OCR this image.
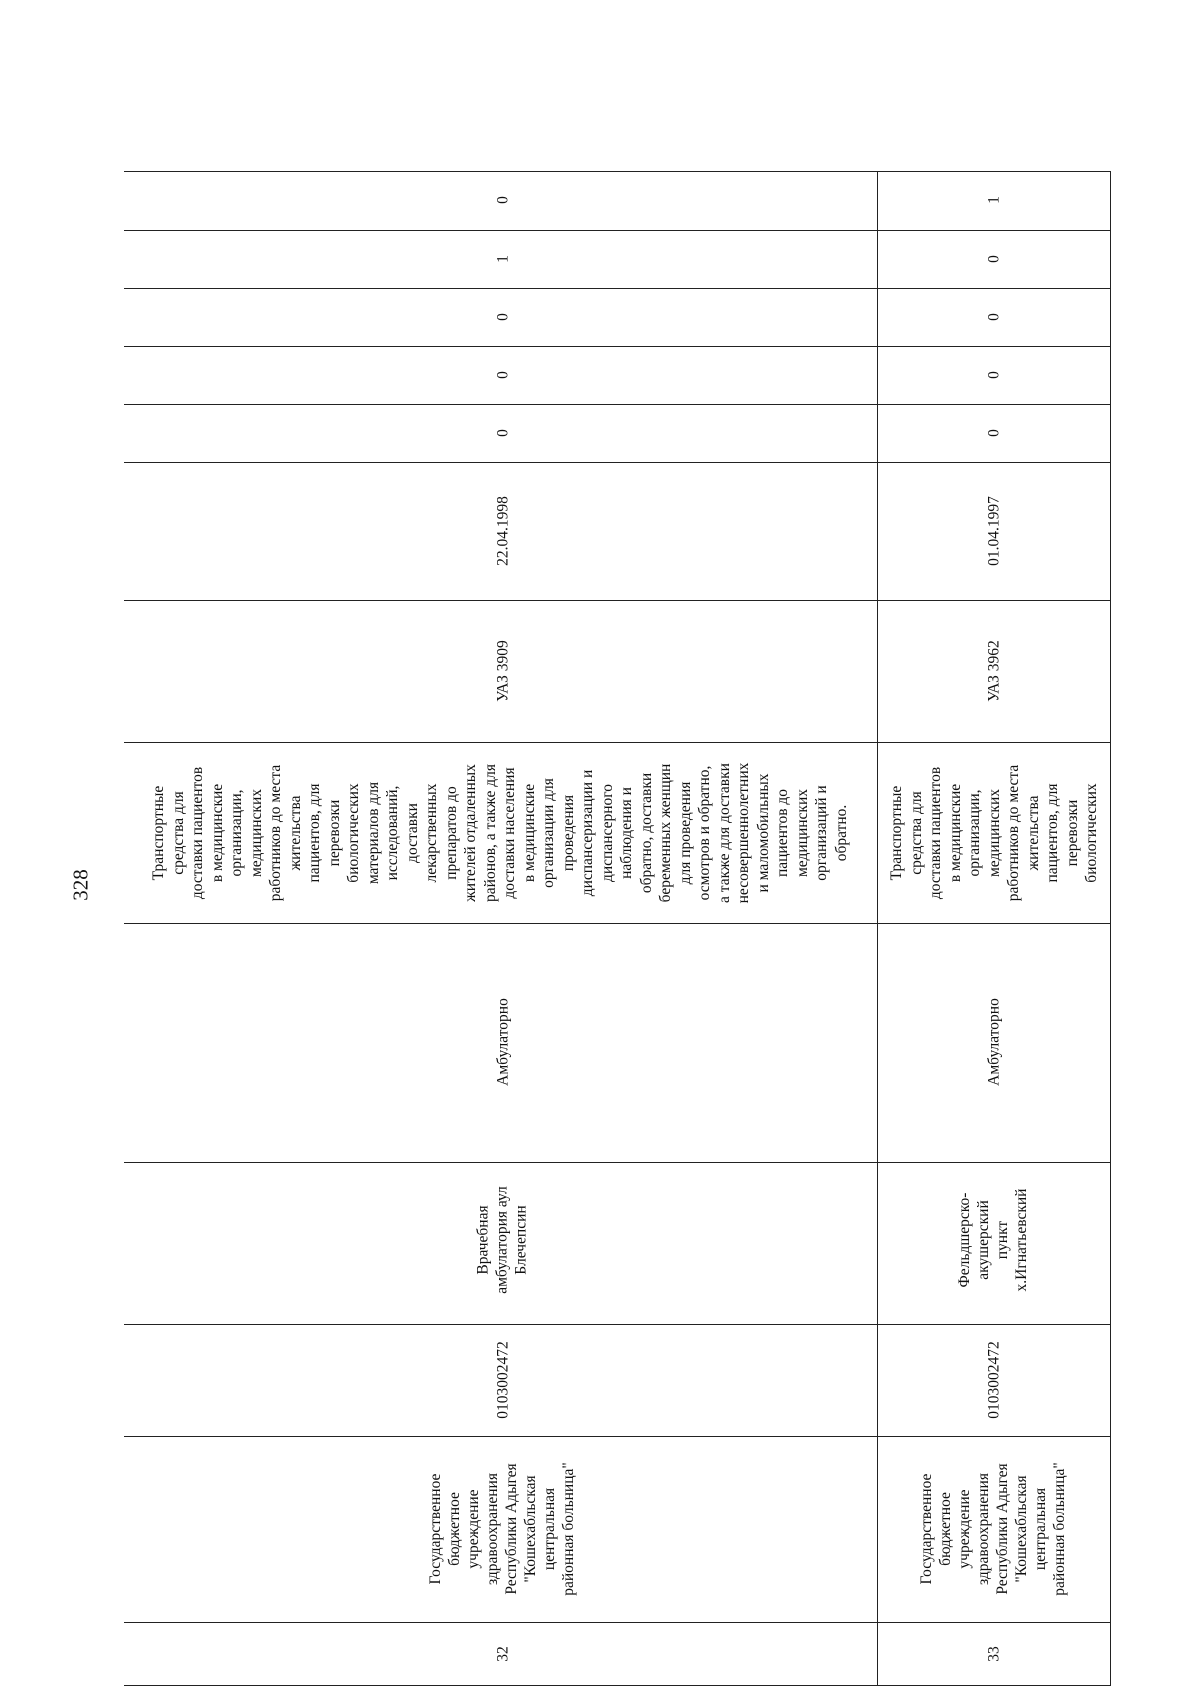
328
32
Государственное бюджетное учреждение здравоохранения Республики Адыгея "Кошехабльская центральная районная больница"
0103002472
Врачебная амбулатория аул Блечепсин
Амбулаторно
Транспортные средства для доставки пациентов в медицинские организации, медицинских работников до места жительства пациентов, для перевозки биологических материалов для исследований, доставки лекарственных препаратов до жителей отдаленных районов, а также для доставки населения в медицинские организации для проведения диспансеризации и диспансерного наблюдения и обратно, доставки беременных женщин для проведения осмотров и обратно, а также для доставки несовершеннолетних и маломобильных пациентов до медицинских организаций и обратно.
УАЗ 3909
22.04.1998
0
0
0
1
0
33
Государственное бюджетное учреждение здравоохранения Республики Адыгея "Кошехабльская центральная районная больница"
0103002472
Фельдшерско- акушерский пункт х.Игнатьевский
Амбулаторно
Транспортные средства для доставки пациентов в медицинские организации, медицинских работников до места жительства пациентов, для перевозки биологических
УАЗ 3962
01.04.1997
0
0
0
0
1
